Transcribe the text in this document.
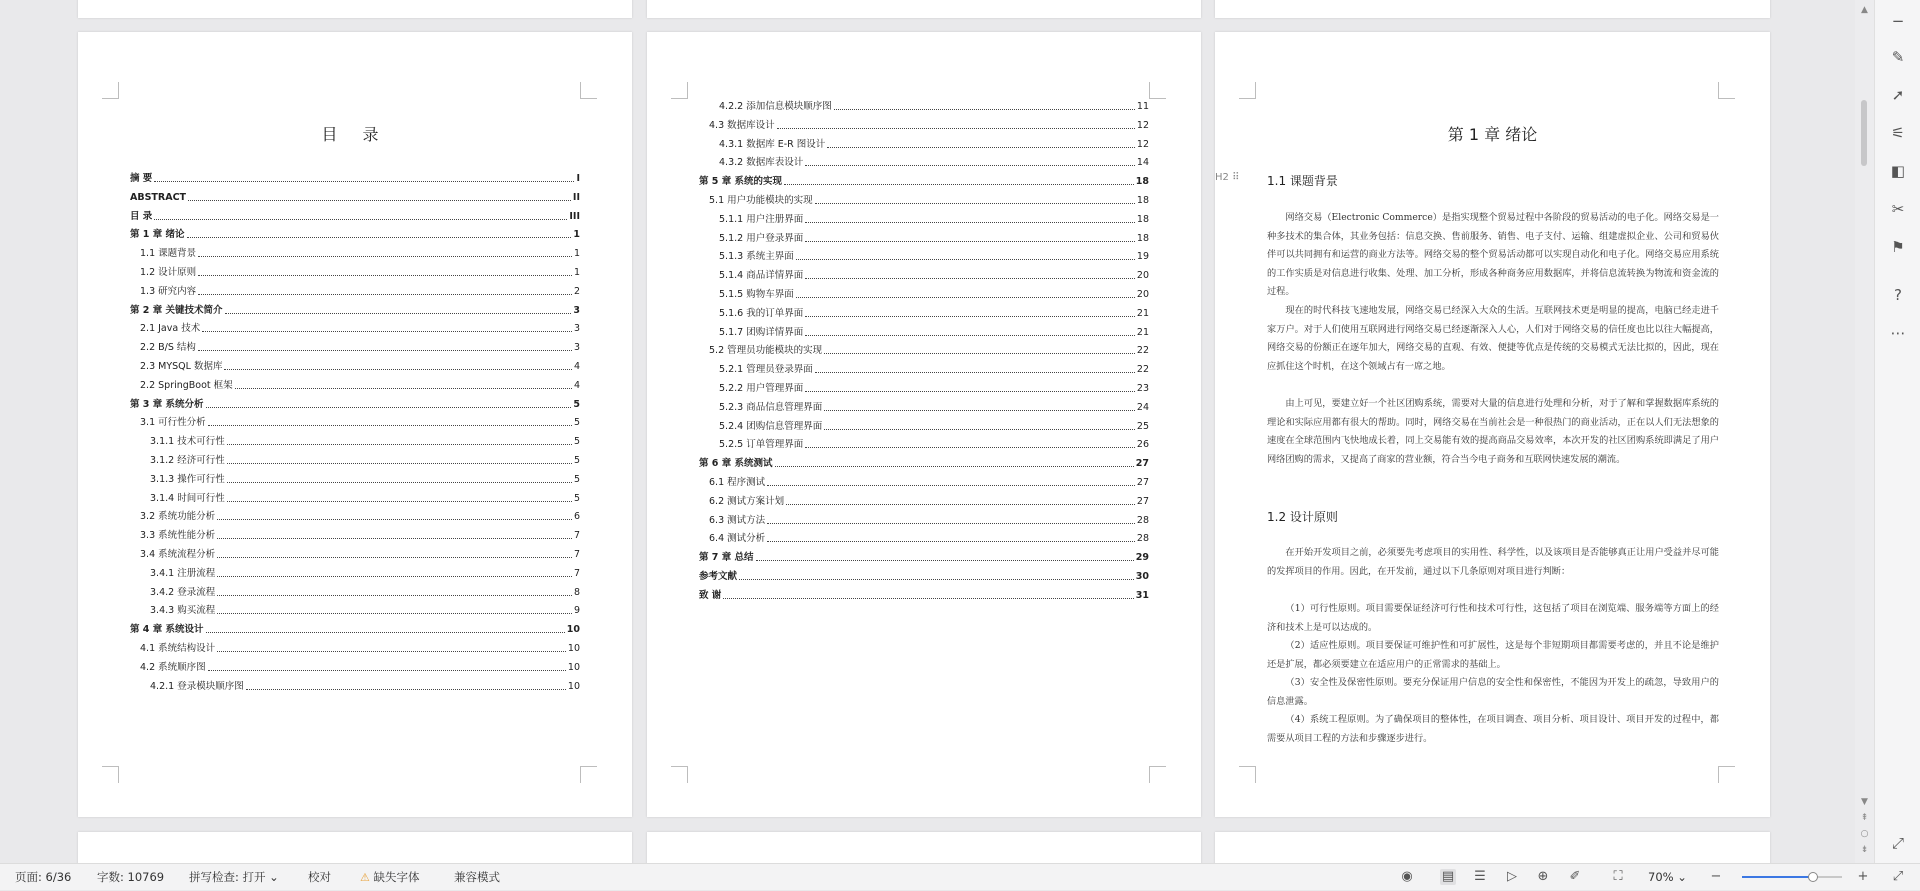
目 录
摘 要	I
ABSTRACT	II
目 录	III
第 1 章 绪论	1
1.1 课题背景	1
1.2 设计原则	1
1.3 研究内容	2
第 2 章 关键技术简介	3
2.1 Java 技术	3
2.2 B/S 结构	3
2.3 MYSQL 数据库	4
2.2 SpringBoot 框架	4
第 3 章 系统分析	5
3.1 可行性分析	5
3.1.1 技术可行性	5
3.1.2 经济可行性	5
3.1.3 操作可行性	5
3.1.4 时间可行性	5
3.2 系统功能分析	6
3.3 系统性能分析	7
3.4 系统流程分析	7
3.4.1 注册流程	7
3.4.2 登录流程	8
3.4.3 购买流程	9
第 4 章 系统设计	10
4.1 系统结构设计	10
4.2 系统顺序图	10
4.2.1 登录模块顺序图	10
4.2.2 添加信息模块顺序图	11
4.3 数据库设计	12
4.3.1 数据库 E-R 图设计	12
4.3.2 数据库表设计	14
第 5 章 系统的实现	18
5.1 用户功能模块的实现	18
5.1.1 用户注册界面	18
5.1.2 用户登录界面	18
5.1.3 系统主界面	19
5.1.4 商品详情界面	20
5.1.5 购物车界面	20
5.1.6 我的订单界面	21
5.1.7 团购详情界面	21
5.2 管理员功能模块的实现	22
5.2.1 管理员登录界面	22
5.2.2 用户管理界面	23
5.2.3 商品信息管理界面	24
5.2.4 团购信息管理界面	25
5.2.5 订单管理界面	26
第 6 章 系统测试	27
6.1 程序测试	27
6.2 测试方案计划	27
6.3 测试方法	28
6.4 测试分析	28
第 7 章 总结	29
参考文献	30
致 谢	31
第 1 章 绪论
H2 ⠿ 1.1 课题背景
网络交易（Electronic Commerce）是指实现整个贸易过程中各阶段的贸易活动的电子化。网络交易是一种多技术的集合体，其业务包括：信息交换、售前服务、销售、电子支付、运输、组建虚拟企业、公司和贸易伙伴可以共同拥有和运营的商业方法等。网络交易的整个贸易活动都可以实现自动化和电子化。网络交易应用系统的工作实质是对信息进行收集、处理、加工分析，形成各种商务应用数据库，并将信息流转换为物流和资金流的过程。
现在的时代科技飞速地发展，网络交易已经深入大众的生活。互联网技术更是明显的提高，电脑已经走进千家万户。对于人们使用互联网进行网络交易已经逐渐深入人心，人们对于网络交易的信任度也比以往大幅提高，网络交易的份额正在逐年加大，网络交易的直观、有效、便捷等优点是传统的交易模式无法比拟的，因此，现在应抓住这个时机，在这个领域占有一席之地。
由上可见，要建立好一个社区团购系统，需要对大量的信息进行处理和分析，对于了解和掌握数据库系统的理论和实际应用都有很大的帮助。同时，网络交易在当前社会是一种很热门的商业活动，正在以人们无法想象的速度在全球范围内飞快地成长着，同上交易能有效的提高商品交易效率，本次开发的社区团购系统即满足了用户网络团购的需求，又提高了商家的营业额，符合当今电子商务和互联网快速发展的潮流。
1.2 设计原则
在开始开发项目之前，必须要先考虑项目的实用性、科学性，以及该项目是否能够真正让用户受益并尽可能的发挥项目的作用。因此，在开发前，通过以下几条原则对项目进行判断：
（1）可行性原则。项目需要保证经济可行性和技术可行性，这包括了项目在浏览端、服务端等方面上的经济和技术上是可以达成的。
（2）适应性原则。项目要保证可维护性和可扩展性，这是每个非短期项目都需要考虑的，并且不论是维护还是扩展，都必须要建立在适应用户的正常需求的基础上。
（3）安全性及保密性原则。要充分保证用户信息的安全性和保密性，不能因为开发上的疏忽，导致用户的信息泄露。
（4）系统工程原则。为了确保项目的整体性，在项目调查、项目分析、项目设计、项目开发的过程中，都需要从项目工程的方法和步骤逐步进行。
▲
▼
⇞
○
⇟
−
✎
➚
⚟
◧
✂
⚑
?
⋯
⤢
页面: 6/36 字数: 10769 拼写检查: 打开 ⌄	校对	⚠ 缺失字体	兼容模式	◉ ▤ ☰ ▷ ⊕ ✐	⛶	70% ⌄ −	+ ⤢
